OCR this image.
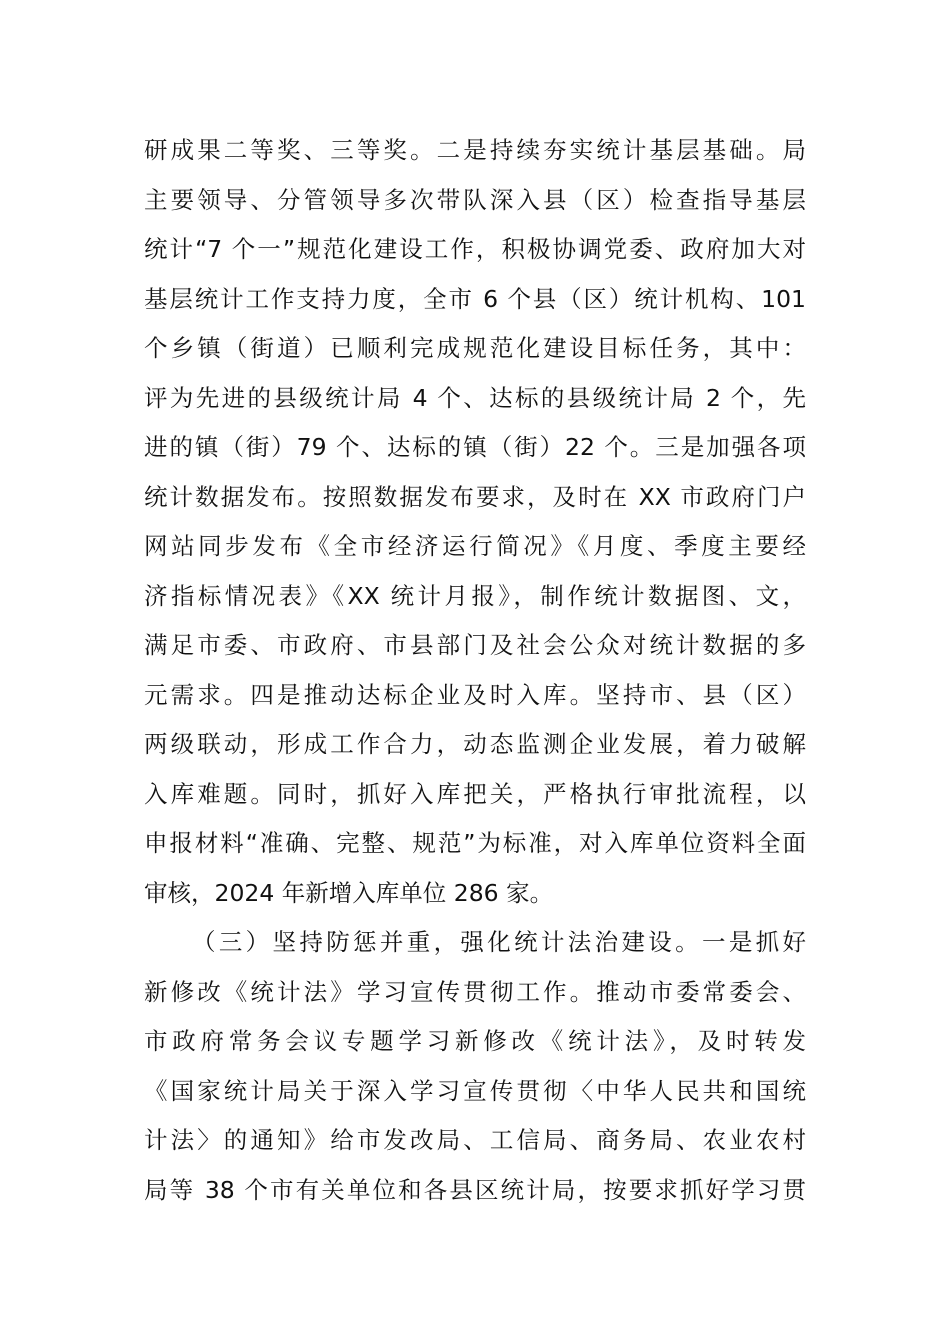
研成果二等奖、三等奖。二是持续夯实统计基层基础。局
主要领导、分管领导多次带队深入县（区）检查指导基层
统计“7 个一”规范化建设工作，积极协调党委、政府加大对
基层统计工作支持力度，全市 6 个县（区）统计机构、101
个乡镇（街道）已顺利完成规范化建设目标任务，其中：
评为先进的县级统计局 4 个、达标的县级统计局 2 个，先
进的镇（街）79 个、达标的镇（街）22 个。三是加强各项
统计数据发布。按照数据发布要求，及时在 XX 市政府门户
网站同步发布《全市经济运行简况》《月度、季度主要经
济指标情况表》《XX 统计月报》，制作统计数据图、文，
满足市委、市政府、市县部门及社会公众对统计数据的多
元需求。四是推动达标企业及时入库。坚持市、县（区）
两级联动，形成工作合力，动态监测企业发展，着力破解
入库难题。同时，抓好入库把关，严格执行审批流程，以
申报材料“准确、完整、规范”为标准，对入库单位资料全面
审核，2024 年新增入库单位 286 家。
（三）坚持防惩并重，强化统计法治建设。一是抓好
新修改《统计法》学习宣传贯彻工作。推动市委常委会、
市政府常务会议专题学习新修改《统计法》，及时转发
《国家统计局关于深入学习宣传贯彻〈中华人民共和国统
计法〉的通知》给市发改局、工信局、商务局、农业农村
局等 38 个市有关单位和各县区统计局，按要求抓好学习贯
